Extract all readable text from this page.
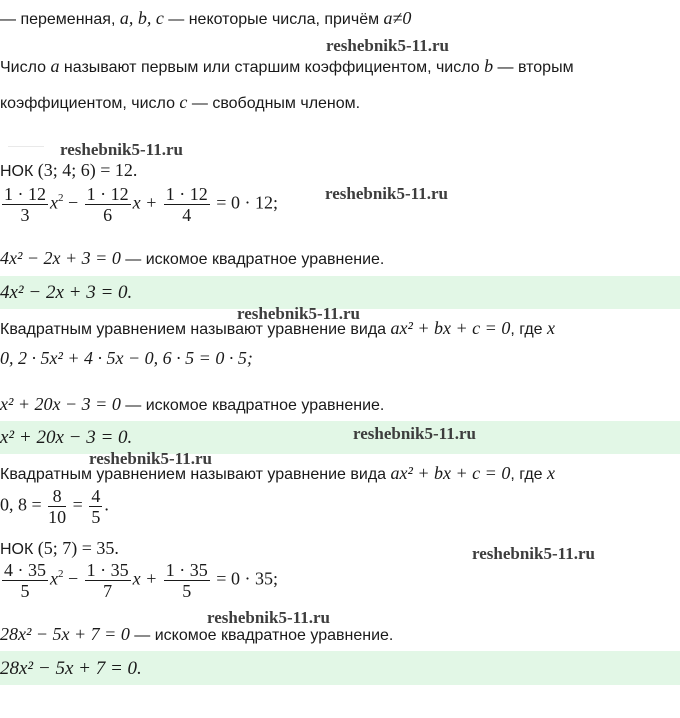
— переменная, a, b, c — некоторые числа, причём a≠0
Число a называют первым или старшим коэффициентом, число b — вторым
коэффициентом, число c — свободным членом.
НОК (3; 4; 6) = 12.
$\frac{1 \cdot 12}{3} x^2 - \frac{1 \cdot 12}{6}$ $x + \frac{1 \cdot 12}{4} = 0 \cdot 12$;
4x² − 2x + 3 = 0 — искомое квадратное уравнение.
4x² − 2x + 3 = 0.
Квадратным уравнением называют уравнение вида ax² + bx + c = 0, где x
0, 2 · 5x² + 4 · 5x − 0, 6 · 5 = 0 · 5;
x² + 20x − 3 = 0 — искомое квадратное уравнение.
x² + 20x − 3 = 0.
Квадратным уравнением называют уравнение вида ax² + bx + c = 0, где x
0, $8 = \frac{8}{10} = \frac{4}{5}$ .
НОК (5; 7) = 35.
$\frac{4 \cdot 35}{5} x^2 - \frac{1 \cdot 35}{7}$ $x + \frac{1 \cdot 35}{5} = 0 \cdot 35$;
28x² − 5x + 7 = 0 — искомое квадратное уравнение.
28x² − 5x + 7 = 0.
reshebnik5-11.ru
reshebnik5-11.ru
reshebnik5-11.ru
reshebnik5-11.ru
reshebnik5-11.ru
reshebnik5-11.ru
reshebnik5-11.ru
reshebnik5-11.ru
